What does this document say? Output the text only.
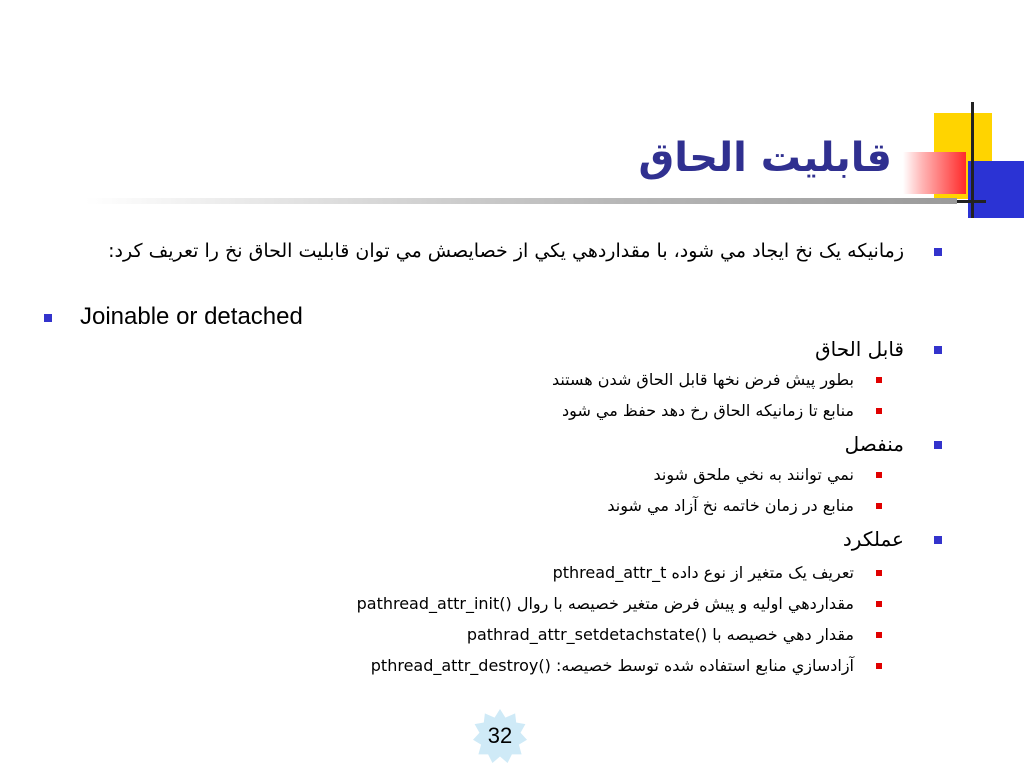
قابليت الحاق
زمانيکه يک نخ ايجاد مي شود، با مقداردهي يکي از خصايصش مي توان قابليت الحاق نخ را تعريف کرد:
Joinable or detached
قابل الحاق
بطور پيش فرض نخها قابل الحاق شدن هستند
منابع تا زمانيکه الحاق رخ دهد حفظ مي شود
منفصل
نمي توانند به نخي ملحق شوند
منابع در زمان خاتمه نخ آزاد مي شوند
عملکرد
تعريف يک متغير از نوع داده pthread_attr_t
مقداردهي اوليه و پيش فرض متغير خصيصه با روال ()pathread_attr_init
مقدار دهي خصيصه با ()pathrad_attr_setdetachstate
آزادسازي منابع استفاده شده توسط خصيصه: ()pthread_attr_destroy
32
